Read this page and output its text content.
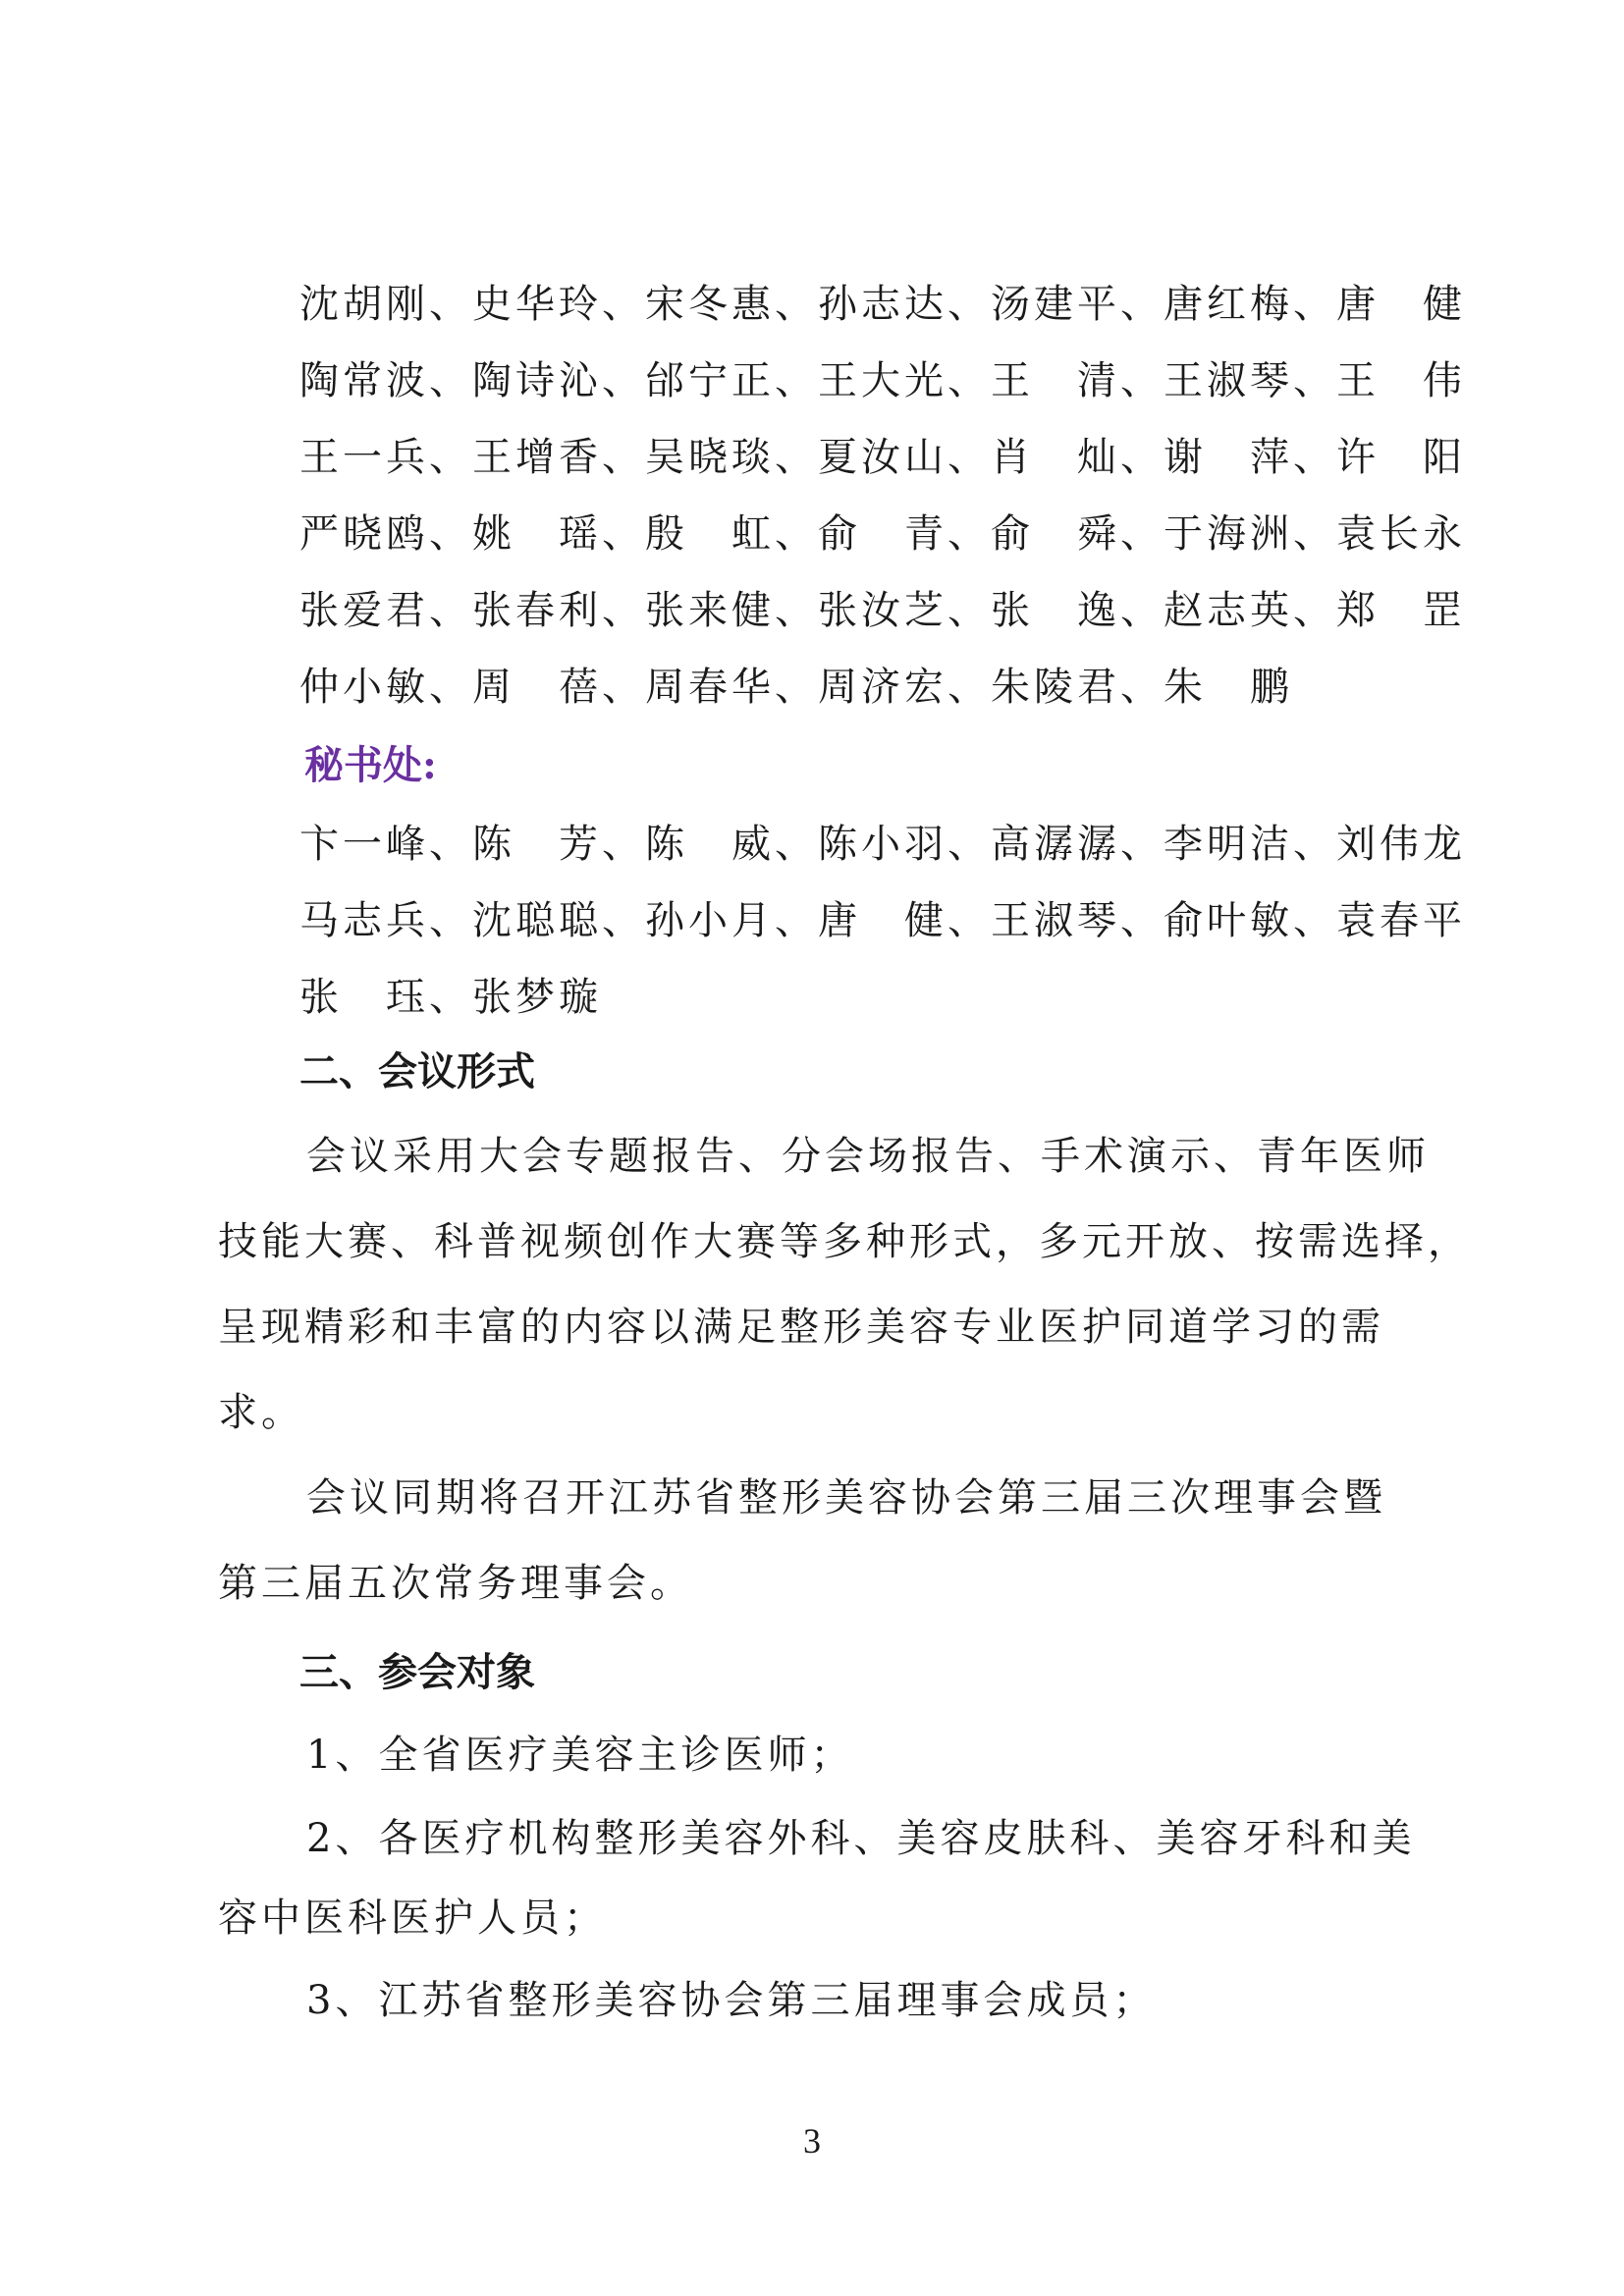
沈胡刚、史华玲、宋冬惠、孙志达、汤建平、唐红梅、唐　健
陶常波、陶诗沁、邰宁正、王大光、王　清、王淑琴、王　伟
王一兵、王增香、吴晓琰、夏汝山、肖　灿、谢　萍、许　阳
严晓鸥、姚　瑶、殷　虹、俞　青、俞　舜、于海洲、袁长永
张爱君、张春利、张来健、张汝芝、张　逸、赵志英、郑　罡
仲小敏、周　蓓、周春华、周济宏、朱陵君、朱　鹏
秘书处:
卞一峰、陈　芳、陈　威、陈小羽、高潺潺、李明洁、刘伟龙
马志兵、沈聪聪、孙小月、唐　健、王淑琴、俞叶敏、袁春平
张　珏、张梦璇
二、会议形式
会议采用大会专题报告、分会场报告、手术演示、青年医师
技能大赛、科普视频创作大赛等多种形式，多元开放、按需选择，
呈现精彩和丰富的内容以满足整形美容专业医护同道学习的需
求。
会议同期将召开江苏省整形美容协会第三届三次理事会暨
第三届五次常务理事会。
三、参会对象
1、全省医疗美容主诊医师；
2、各医疗机构整形美容外科、美容皮肤科、美容牙科和美
容中医科医护人员；
3、江苏省整形美容协会第三届理事会成员；
3
